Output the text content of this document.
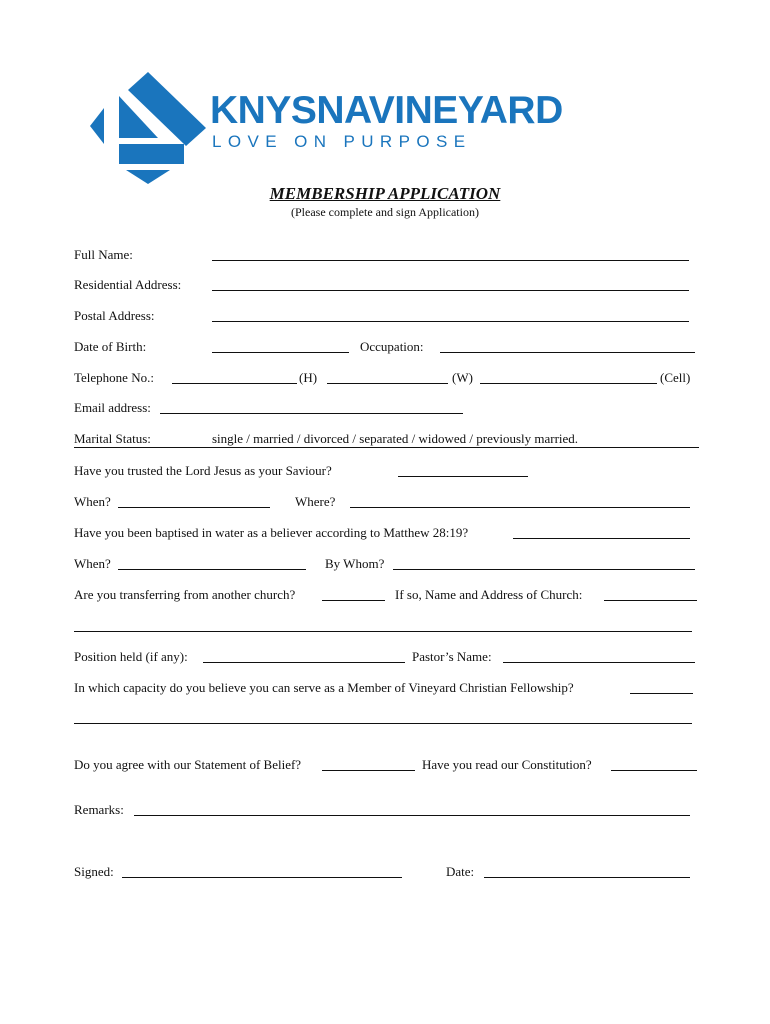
KNYSNAVINEYARD
LOVE ON PURPOSE
MEMBERSHIP APPLICATION
(Please complete and sign Application)
Full Name:
Residential Address:
Postal Address:
Date of Birth:	Occupation:
Telephone No.:	(H)	(W)	(Cell)
Email address:
Marital Status:	single / married / divorced / separated / widowed / previously married.
Have you trusted the Lord Jesus as your Saviour?
When?	Where?
Have you been baptised in water as a believer according to Matthew 28:19?
When?	By Whom?
Are you transferring from another church?	If so, Name and Address of Church:
Position held (if any):	Pastor’s Name:
In which capacity do you believe you can serve as a Member of Vineyard Christian Fellowship?
Do you agree with our Statement of Belief?	Have you read our Constitution?
Remarks:
Signed:	Date:
